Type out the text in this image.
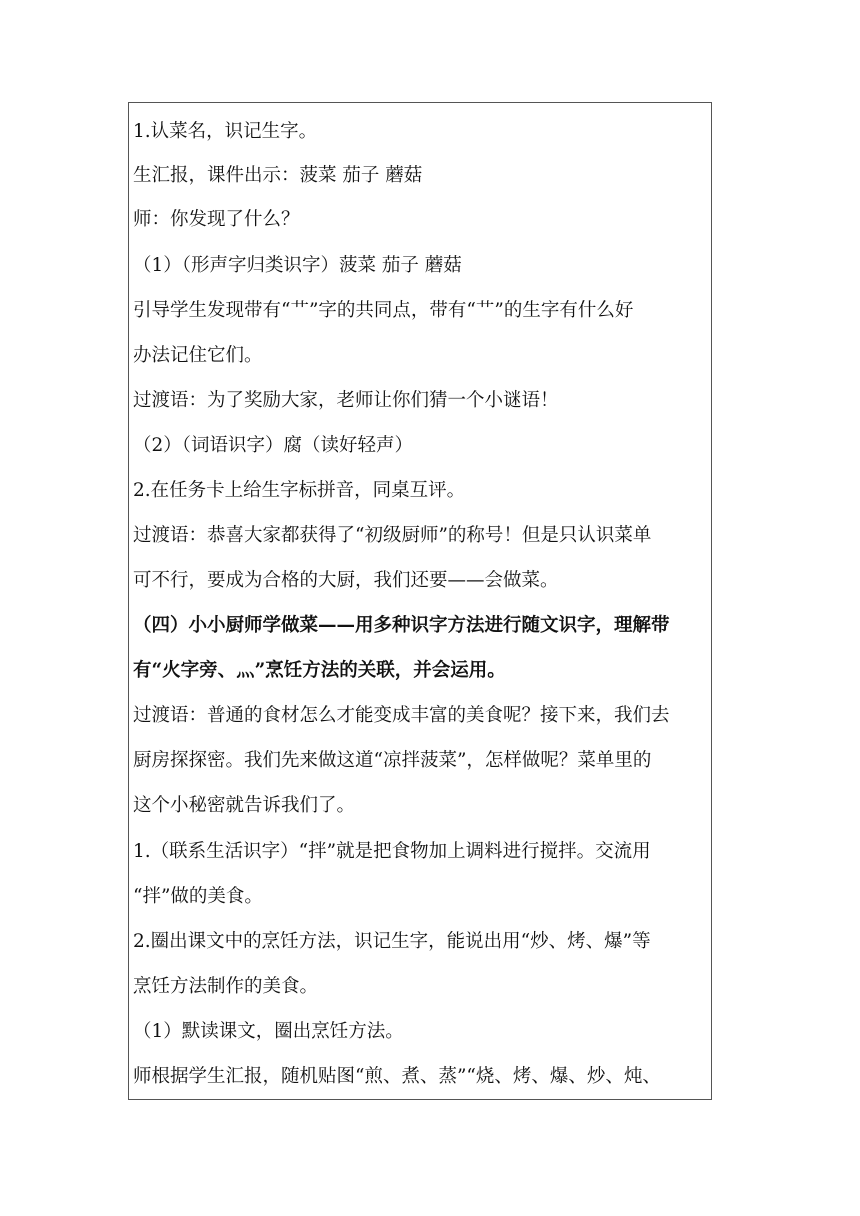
1.认菜名，识记生字。
生汇报，课件出示：菠菜 茄子 蘑菇
师：你发现了什么？
（1）（形声字归类识字）菠菜 茄子 蘑菇
引导学生发现带有“艹”字的共同点，带有“艹”的生字有什么好
办法记住它们。
过渡语：为了奖励大家，老师让你们猜一个小谜语！
（2）（词语识字）腐（读好轻声）
2.在任务卡上给生字标拼音，同桌互评。
过渡语：恭喜大家都获得了“初级厨师”的称号！但是只认识菜单
可不行，要成为合格的大厨，我们还要——会做菜。
（四）小小厨师学做菜——用多种识字方法进行随文识字，理解带
有“火字旁、灬”烹饪方法的关联，并会运用。
过渡语：普通的食材怎么才能变成丰富的美食呢？接下来，我们去
厨房探探密。我们先来做这道“凉拌菠菜”，怎样做呢？菜单里的
这个小秘密就告诉我们了。
1.（联系生活识字）“拌”就是把食物加上调料进行搅拌。交流用
“拌”做的美食。
2.圈出课文中的烹饪方法，识记生字，能说出用“炒、烤、爆”等
烹饪方法制作的美食。
（1）默读课文，圈出烹饪方法。
师根据学生汇报，随机贴图“煎、煮、蒸”“烧、烤、爆、炒、炖、
